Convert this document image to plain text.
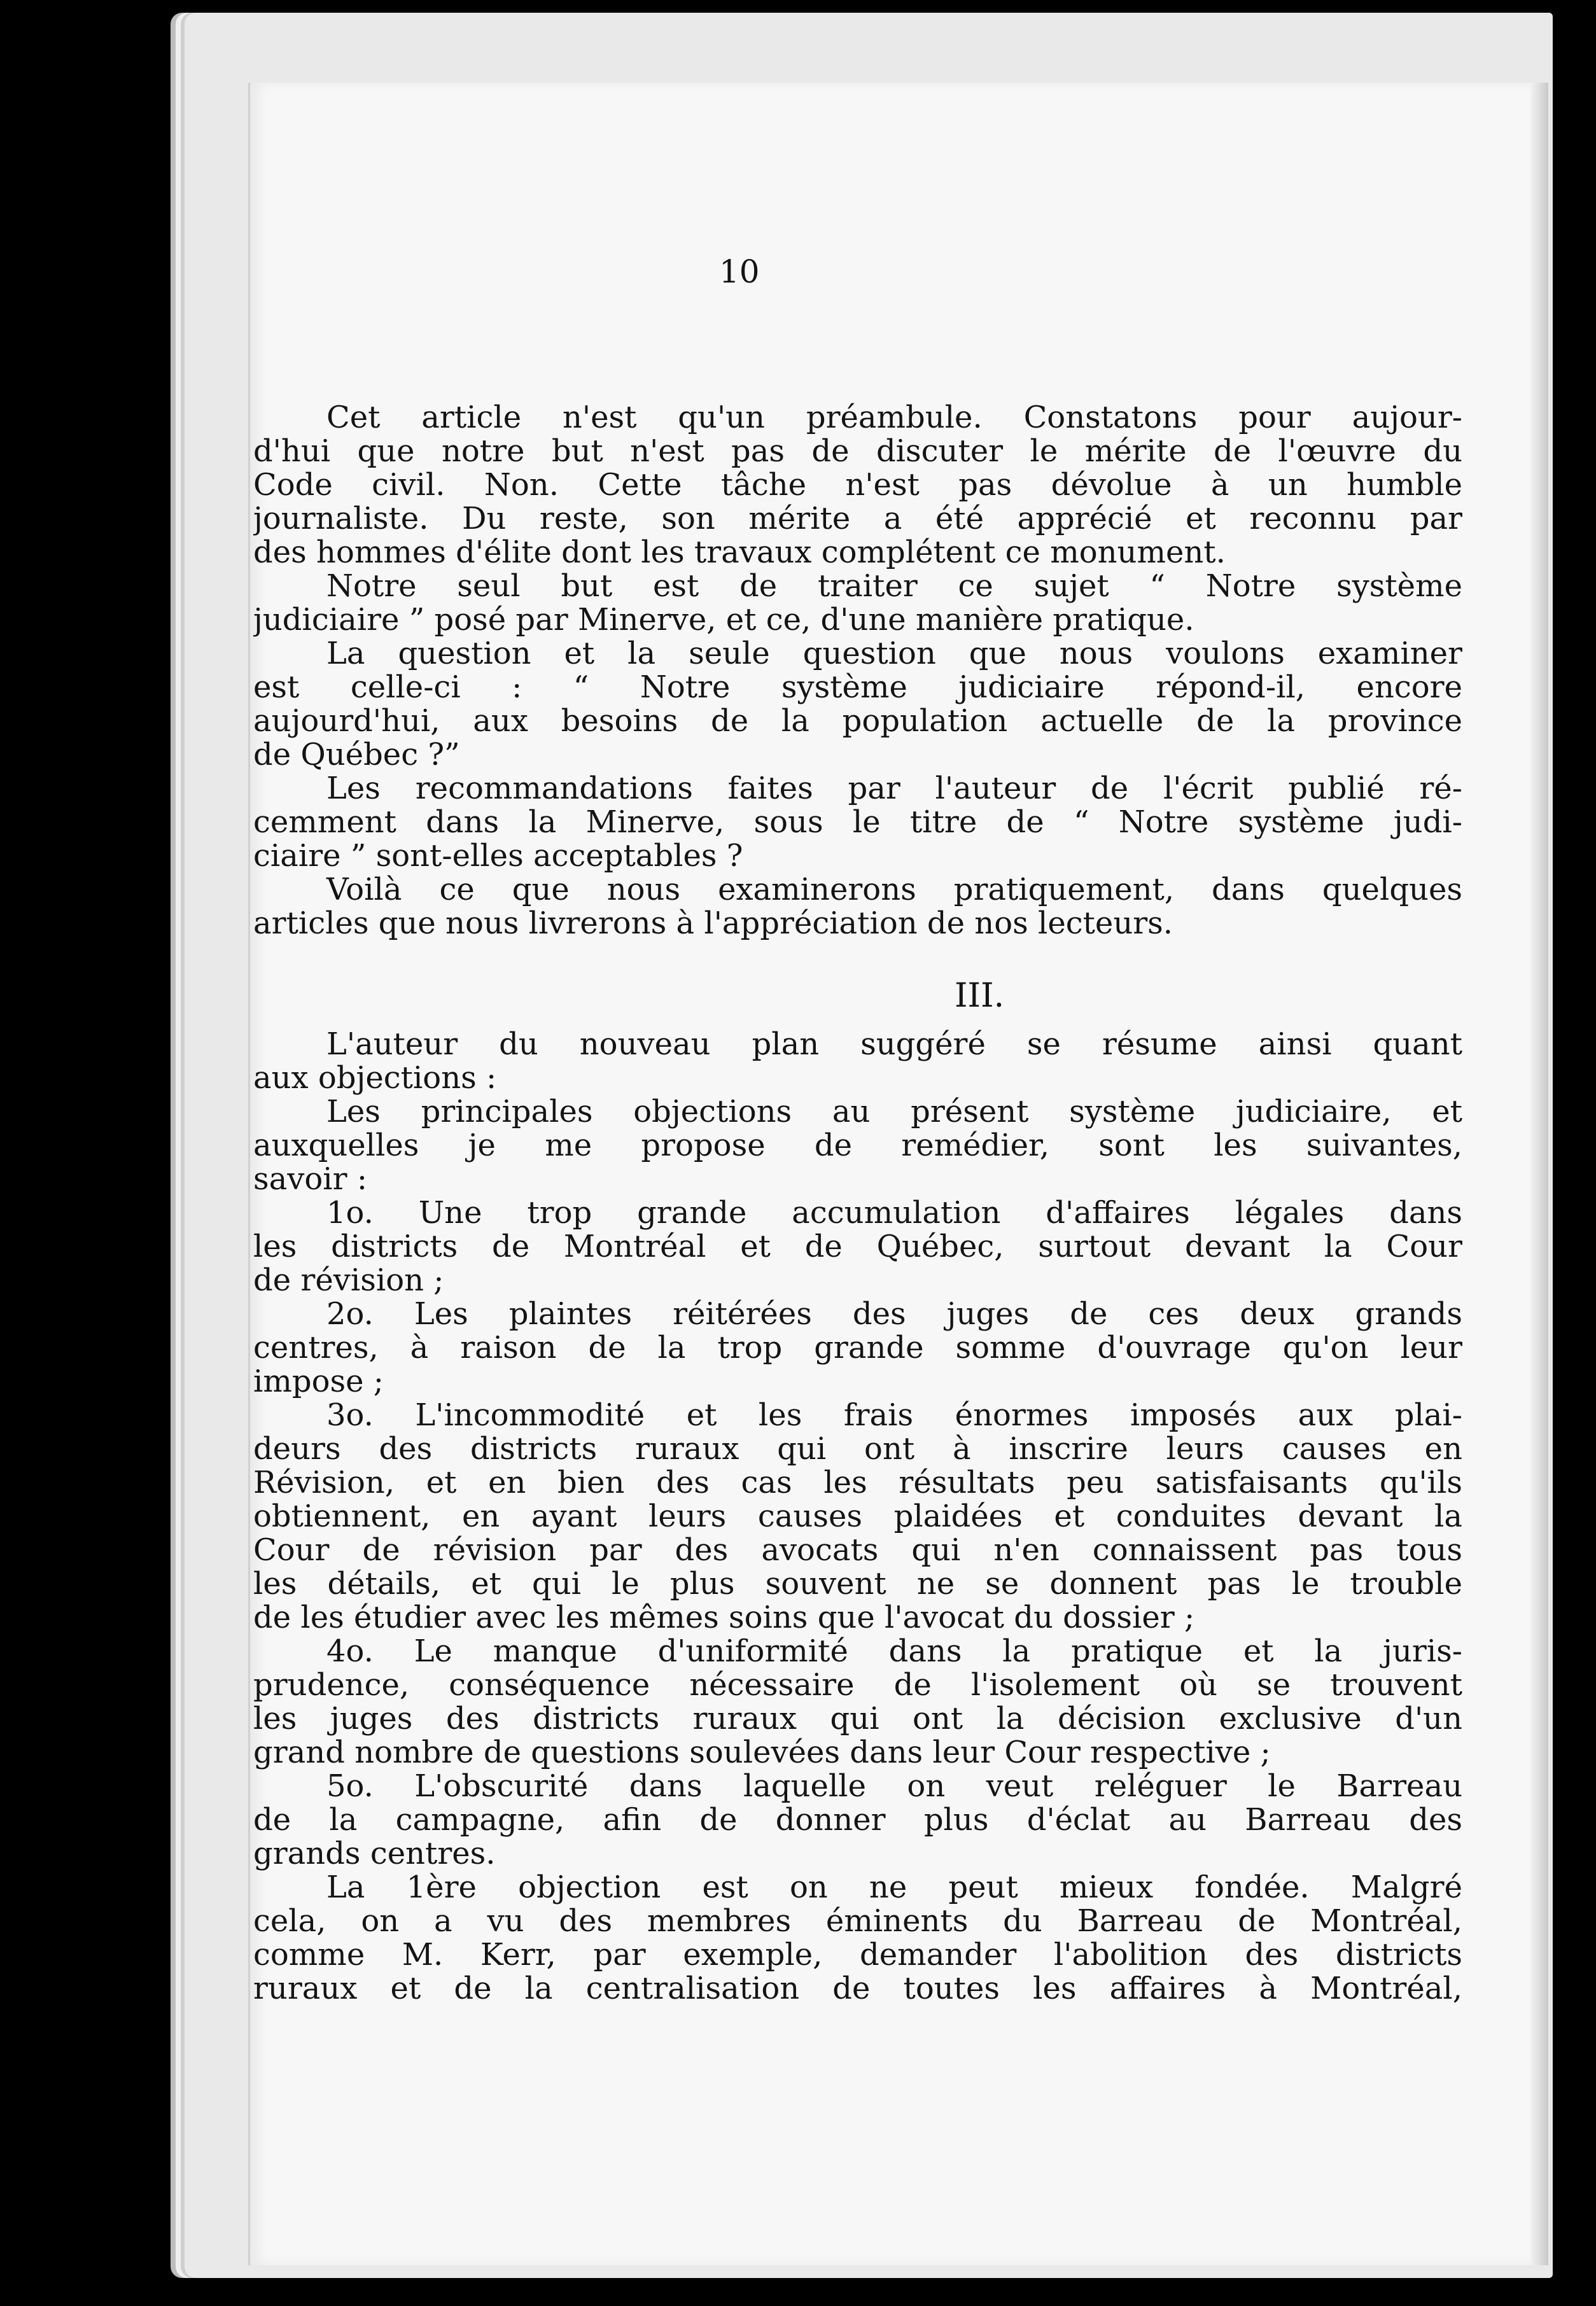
10
Cet article n'est qu'un préambule. Constatons pour aujour-
d'hui que notre but n'est pas de discuter le mérite de l'œuvre du
Code civil. Non. Cette tâche n'est pas dévolue à un humble
journaliste. Du reste, son mérite a été apprécié et reconnu par
des hommes d'élite dont les travaux complétent ce monument.
Notre seul but est de traiter ce sujet “ Notre système
judiciaire ” posé par Minerve, et ce, d'une manière pratique.
La question et la seule question que nous voulons examiner
est celle-ci : “ Notre système judiciaire répond-il, encore
aujourd'hui, aux besoins de la population actuelle de la province
de Québec ?”
Les recommandations faites par l'auteur de l'écrit publié ré-
cemment dans la Minerve, sous le titre de “ Notre système judi-
ciaire ” sont-elles acceptables ?
Voilà ce que nous examinerons pratiquement, dans quelques
articles que nous livrerons à l'appréciation de nos lecteurs.
III.
L'auteur du nouveau plan suggéré se résume ainsi quant
aux objections :
Les principales objections au présent système judiciaire, et
auxquelles je me propose de remédier, sont les suivantes,
savoir :
1o. Une trop grande accumulation d'affaires légales dans
les districts de Montréal et de Québec, surtout devant la Cour
de révision ;
2o. Les plaintes réitérées des juges de ces deux grands
centres, à raison de la trop grande somme d'ouvrage qu'on leur
impose ;
3o. L'incommodité et les frais énormes imposés aux plai-
deurs des districts ruraux qui ont à inscrire leurs causes en
Révision, et en bien des cas les résultats peu satisfaisants qu'ils
obtiennent, en ayant leurs causes plaidées et conduites devant la
Cour de révision par des avocats qui n'en connaissent pas tous
les détails, et qui le plus souvent ne se donnent pas le trouble
de les étudier avec les mêmes soins que l'avocat du dossier ;
4o. Le manque d'uniformité dans la pratique et la juris-
prudence, conséquence nécessaire de l'isolement où se trouvent
les juges des districts ruraux qui ont la décision exclusive d'un
grand nombre de questions soulevées dans leur Cour respective ;
5o. L'obscurité dans laquelle on veut reléguer le Barreau
de la campagne, afin de donner plus d'éclat au Barreau des
grands centres.
La 1ère objection est on ne peut mieux fondée. Malgré
cela, on a vu des membres éminents du Barreau de Montréal,
comme M. Kerr, par exemple, demander l'abolition des districts
ruraux et de la centralisation de toutes les affaires à Montréal,
